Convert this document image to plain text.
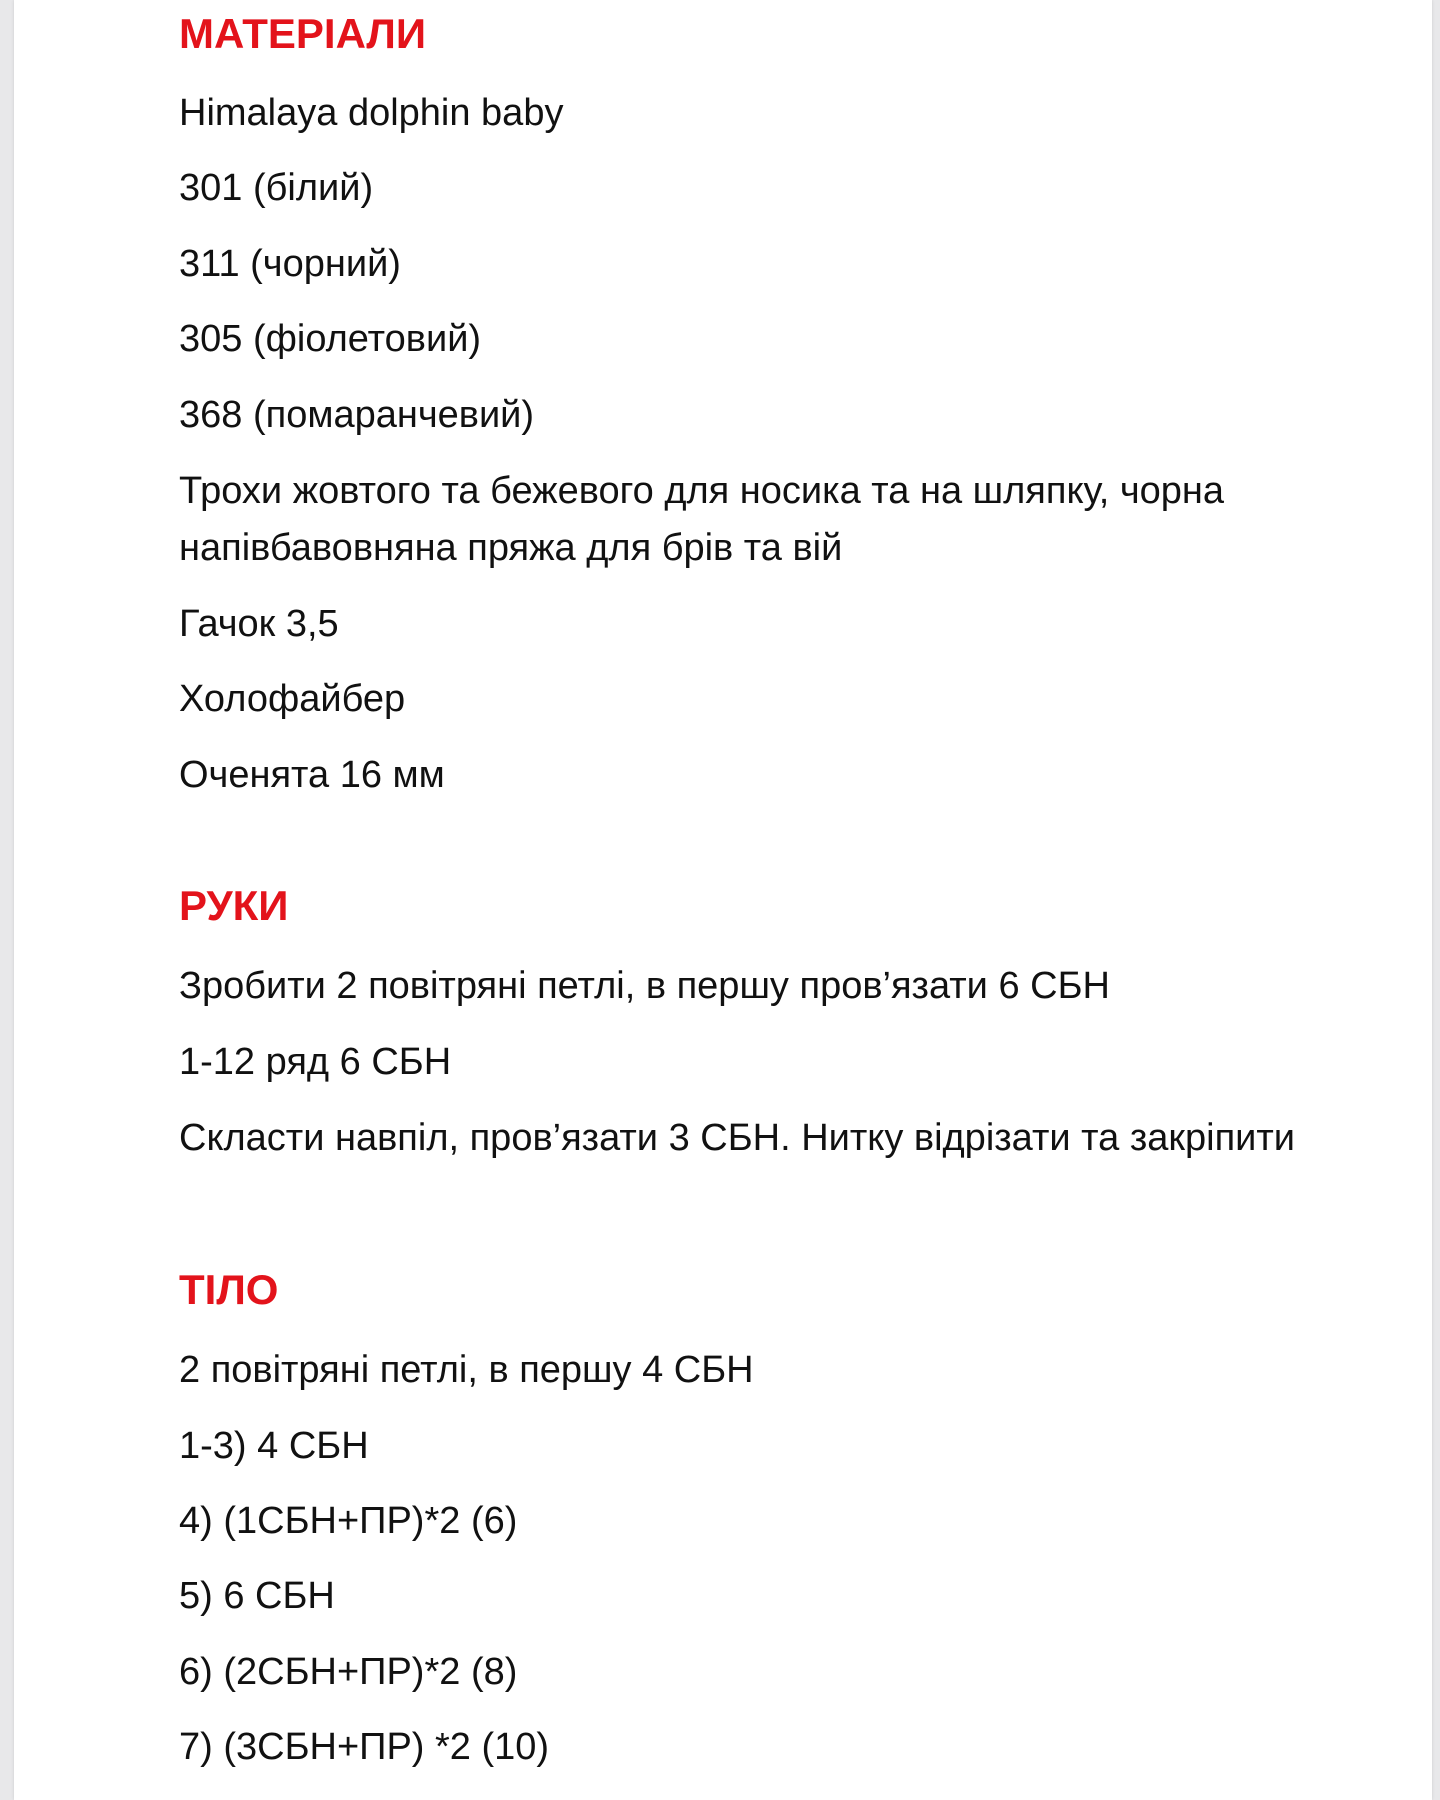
МАТЕРІАЛИ

Himalaya dolphin baby

301 (білий)

311 (чорний)

305 (фіолетовий)

368 (помаранчевий)

Трохи жовтого та бежевого для носика та на шляпку, чорна напівбавовняна пряжа для брів та вій

Гачок 3,5

Холофайбер

Оченята 16 мм

РУКИ

Зробити 2 повітряні петлі, в першу пров’язати 6 СБН

1-12 ряд 6 СБН

Скласти навпіл, пров’язати 3 СБН. Нитку відрізати та закріпити

ТІЛО

2 повітряні петлі, в першу 4 СБН

1-3) 4 СБН

4) (1СБН+ПР)*2 (6)

5) 6 СБН

6) (2СБН+ПР)*2 (8)

7) (3СБН+ПР) *2 (10)
